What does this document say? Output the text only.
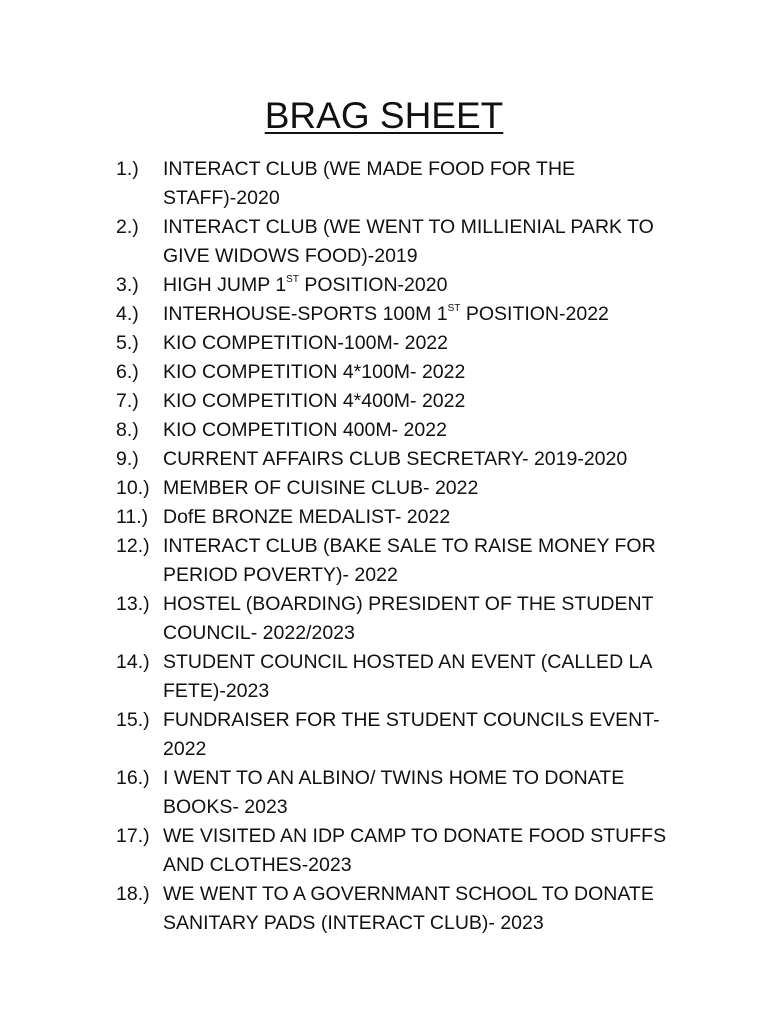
BRAG SHEET
1.)	INTERACT CLUB (WE MADE FOOD FOR THE STAFF)-2020
2.)	INTERACT CLUB (WE WENT TO MILLIENIAL PARK TO GIVE WIDOWS FOOD)-2019
3.)	HIGH JUMP 1ST POSITION-2020
4.)	INTERHOUSE-SPORTS 100M 1ST POSITION-2022
5.)	KIO COMPETITION-100M- 2022
6.)	KIO COMPETITION 4*100M- 2022
7.)	KIO COMPETITION 4*400M- 2022
8.)	KIO COMPETITION 400M- 2022
9.)	CURRENT AFFAIRS CLUB SECRETARY- 2019-2020
10.) MEMBER OF CUISINE CLUB- 2022
11.) DofE BRONZE MEDALIST- 2022
12.) INTERACT CLUB (BAKE SALE TO RAISE MONEY FOR PERIOD POVERTY)- 2022
13.) HOSTEL (BOARDING) PRESIDENT OF THE STUDENT COUNCIL- 2022/2023
14.) STUDENT COUNCIL HOSTED AN EVENT (CALLED LA FETE)-2023
15.) FUNDRAISER FOR THE STUDENT COUNCILS EVENT-2022
16.) I WENT TO AN ALBINO/ TWINS HOME TO DONATE BOOKS- 2023
17.) WE VISITED AN IDP CAMP TO DONATE FOOD STUFFS AND CLOTHES-2023
18.) WE WENT TO A GOVERNMANT SCHOOL TO DONATE SANITARY PADS (INTERACT CLUB)- 2023
